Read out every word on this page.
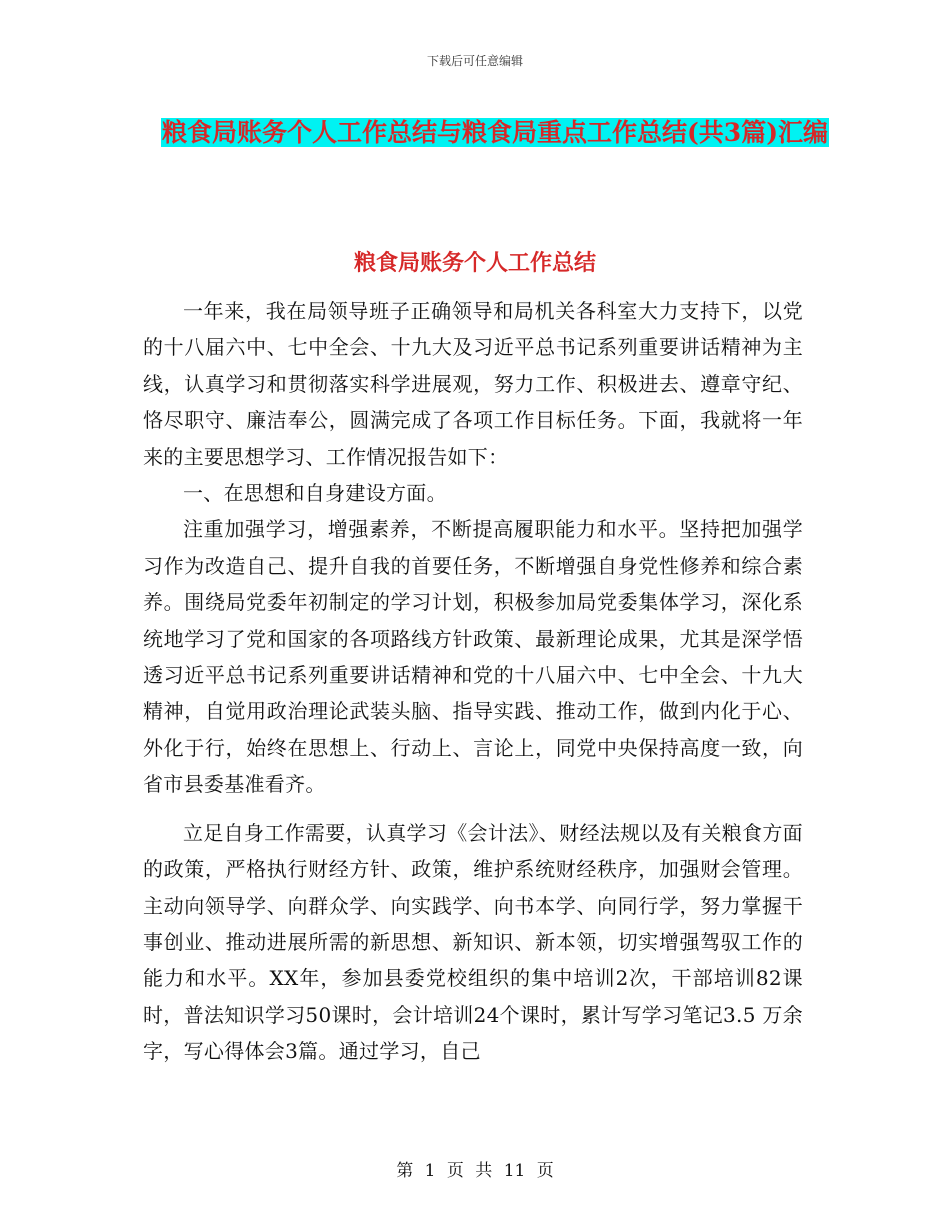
下载后可任意编辑
粮食局账务个人工作总结与粮食局重点工作总结(共3篇)汇编
粮食局账务个人工作总结

一年来，我在局领导班子正确领导和局机关各科室大力支持下，以党的十八届六中、七中全会、十九大及习近平总书记系列重要讲话精神为主线，认真学习和贯彻落实科学进展观，努力工作、积极进去、遵章守纪、恪尽职守、廉洁奉公，圆满完成了各项工作目标任务。下面，我就将一年来的主要思想学习、工作情况报告如下：

一、在思想和自身建设方面。

注重加强学习，增强素养，不断提高履职能力和水平。坚持把加强学习作为改造自己、提升自我的首要任务，不断增强自身党性修养和综合素养。围绕局党委年初制定的学习计划，积极参加局党委集体学习，深化系统地学习了党和国家的各项路线方针政策、最新理论成果，尤其是深学悟透习近平总书记系列重要讲话精神和党的十八届六中、七中全会、十九大精神，自觉用政治理论武装头脑、指导实践、推动工作，做到内化于心、外化于行，始终在思想上、行动上、言论上，同党中央保持高度一致，向省市县委基准看齐。

立足自身工作需要，认真学习《会计法》、财经法规以及有关粮食方面的政策，严格执行财经方针、政策，维护系统财经秩序，加强财会管理。主动向领导学、向群众学、向实践学、向书本学、向同行学，努力掌握干事创业、推动进展所需的新思想、新知识、新本领，切实增强驾驭工作的能力和水平。XX年，参加县委党校组织的集中培训2次，干部培训82课时，普法知识学习50课时，会计培训24个课时，累计写学习笔记3.5 万余字，写心得体会3篇。通过学习，自己

第 1 页 共 11 页
